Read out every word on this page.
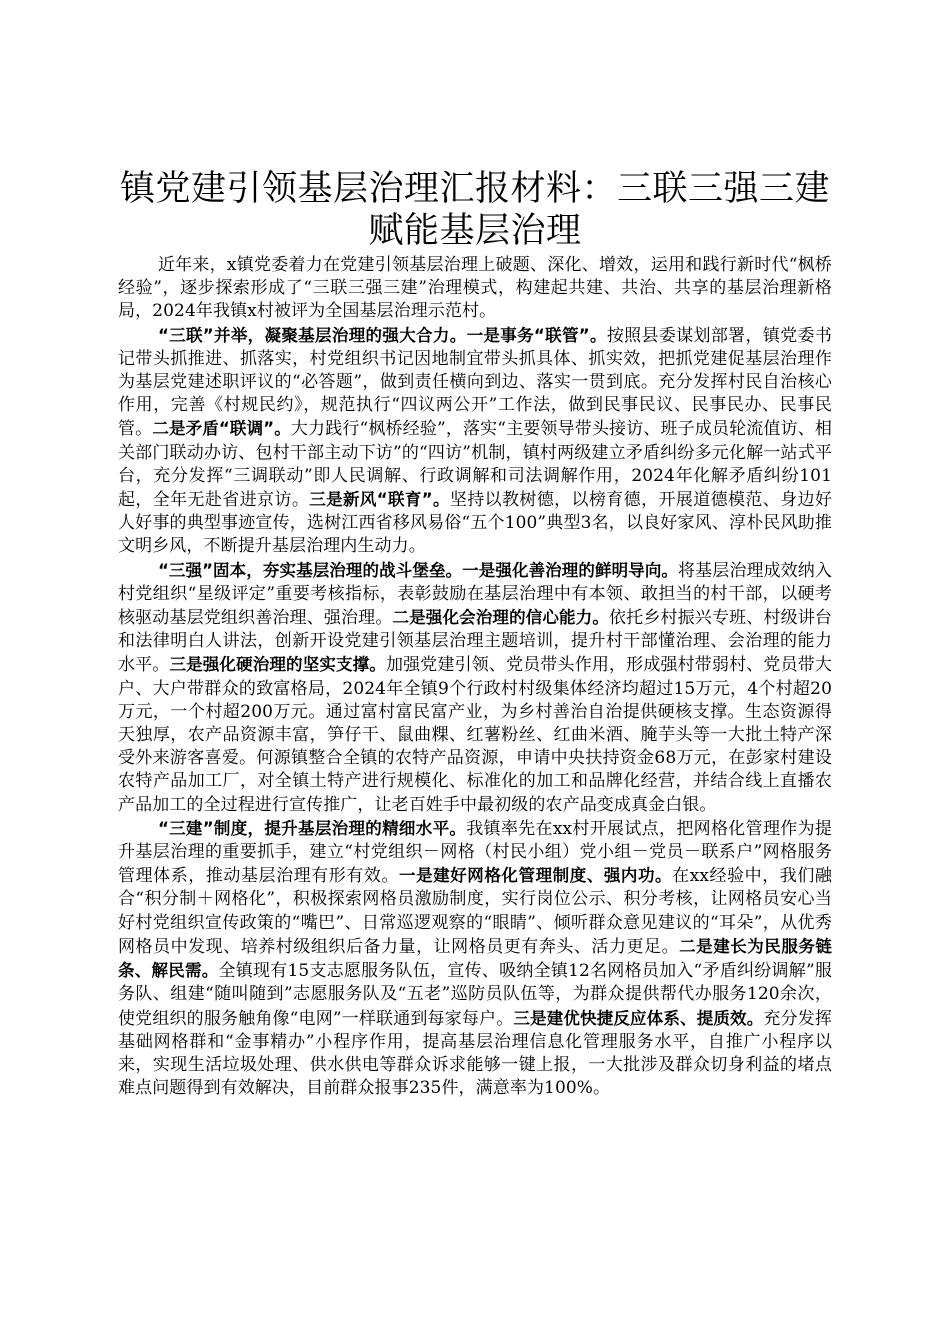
镇党建引领基层治理汇报材料：三联三强三建
赋能基层治理

近年来，x镇党委着力在党建引领基层治理上破题、深化、增效，运用和践行新时代“枫桥经验”，逐步探索形成了“三联三强三建”治理模式，构建起共建、共治、共享的基层治理新格局，2024年我镇x村被评为全国基层治理示范村。

“三联”并举，凝聚基层治理的强大合力。一是事务“联管”。按照县委谋划部署，镇党委书记带头抓推进、抓落实，村党组织书记因地制宜带头抓具体、抓实效，把抓党建促基层治理作为基层党建述职评议的“必答题”，做到责任横向到边、落实一贯到底。充分发挥村民自治核心作用，完善《村规民约》，规范执行“四议两公开”工作法，做到民事民议、民事民办、民事民管。二是矛盾“联调”。大力践行“枫桥经验”，落实“主要领导带头接访、班子成员轮流值访、相关部门联动办访、包村干部主动下访”的“四访”机制，镇村两级建立矛盾纠纷多元化解一站式平台，充分发挥“三调联动”即人民调解、行政调解和司法调解作用，2024年化解矛盾纠纷101起，全年无赴省进京访。三是新风“联育”。坚持以教树德，以榜育德，开展道德模范、身边好人好事的典型事迹宣传，选树江西省移风易俗“五个100”典型3名，以良好家风、淳朴民风助推文明乡风，不断提升基层治理内生动力。

“三强”固本，夯实基层治理的战斗堡垒。一是强化善治理的鲜明导向。将基层治理成效纳入村党组织“星级评定”重要考核指标，表彰鼓励在基层治理中有本领、敢担当的村干部，以硬考核驱动基层党组织善治理、强治理。二是强化会治理的信心能力。依托乡村振兴专班、村级讲台和法律明白人讲法，创新开设党建引领基层治理主题培训，提升村干部懂治理、会治理的能力水平。三是强化硬治理的坚实支撑。加强党建引领、党员带头作用，形成强村带弱村、党员带大户、大户带群众的致富格局，2024年全镇9个行政村村级集体经济均超过15万元，4个村超20万元，一个村超200万元。通过富村富民富产业，为乡村善治自治提供硬核支撑。生态资源得天独厚，农产品资源丰富，笋仔干、鼠曲粿、红薯粉丝、红曲米酒、腌芋头等一大批土特产深受外来游客喜爱。何源镇整合全镇的农特产品资源，申请中央扶持资金68万元，在彭家村建设农特产品加工厂，对全镇土特产进行规模化、标准化的加工和品牌化经营，并结合线上直播农产品加工的全过程进行宣传推广，让老百姓手中最初级的农产品变成真金白银。

“三建”制度，提升基层治理的精细水平。我镇率先在xx村开展试点，把网格化管理作为提升基层治理的重要抓手，建立“村党组织－网格（村民小组）党小组－党员－联系户”网格服务管理体系，推动基层治理有形有效。一是建好网格化管理制度、强内功。在xx经验中，我们融合“积分制＋网格化”，积极探索网格员激励制度，实行岗位公示、积分考核，让网格员安心当好村党组织宣传政策的“嘴巴”、日常巡逻观察的“眼睛”、倾听群众意见建议的“耳朵”，从优秀网格员中发现、培养村级组织后备力量，让网格员更有奔头、活力更足。二是建长为民服务链条、解民需。全镇现有15支志愿服务队伍，宣传、吸纳全镇12名网格员加入“矛盾纠纷调解”服务队、组建“随叫随到”志愿服务队及“五老”巡防员队伍等，为群众提供帮代办服务120余次，使党组织的服务触角像“电网”一样联通到每家每户。三是建优快捷反应体系、提质效。充分发挥基础网格群和“金事精办”小程序作用，提高基层治理信息化管理服务水平，自推广小程序以来，实现生活垃圾处理、供水供电等群众诉求能够一键上报，一大批涉及群众切身利益的堵点难点问题得到有效解决，目前群众报事235件，满意率为100%。
